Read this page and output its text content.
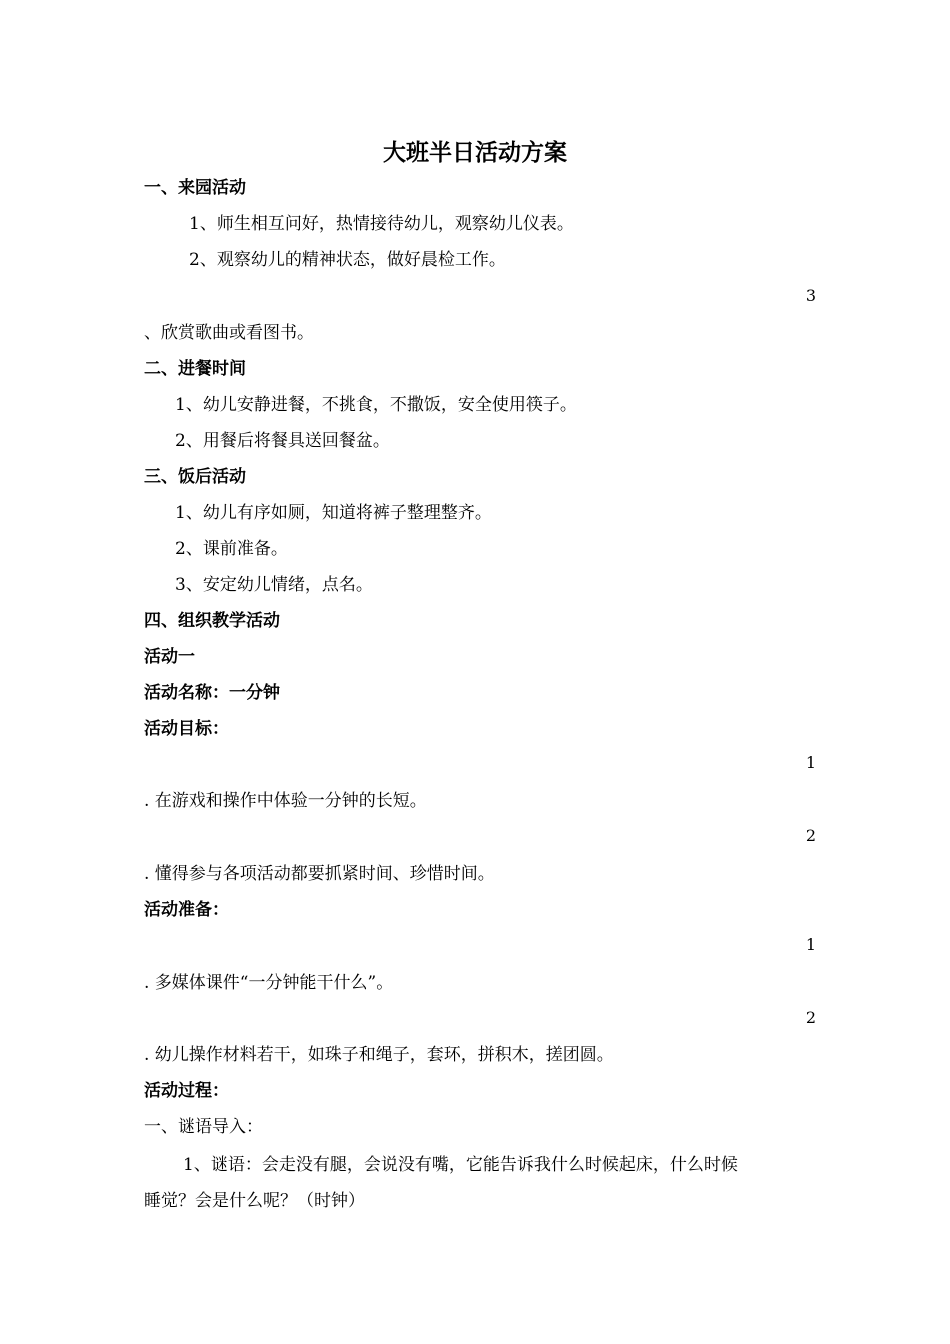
大班半日活动方案
一、来园活动
1、师生相互问好，热情接待幼儿，观察幼儿仪表。
2、观察幼儿的精神状态，做好晨检工作。
3
、欣赏歌曲或看图书。
二、进餐时间
1、幼儿安静进餐，不挑食，不撒饭，安全使用筷子。
2、用餐后将餐具送回餐盆。
三、饭后活动
1、幼儿有序如厕，知道将裤子整理整齐。
2、课前准备。
3、安定幼儿情绪，点名。
四、组织教学活动
活动一
活动名称：一分钟
活动目标：
1
. 在游戏和操作中体验一分钟的长短。
2
. 懂得参与各项活动都要抓紧时间、珍惜时间。
活动准备：
1
. 多媒体课件“一分钟能干什么”。
2
. 幼儿操作材料若干，如珠子和绳子，套环，拼积木，搓团圆。
活动过程：
一、谜语导入：
1、谜语：会走没有腿，会说没有嘴，它能告诉我什么时候起床，什么时候
睡觉？会是什么呢？（时钟）
